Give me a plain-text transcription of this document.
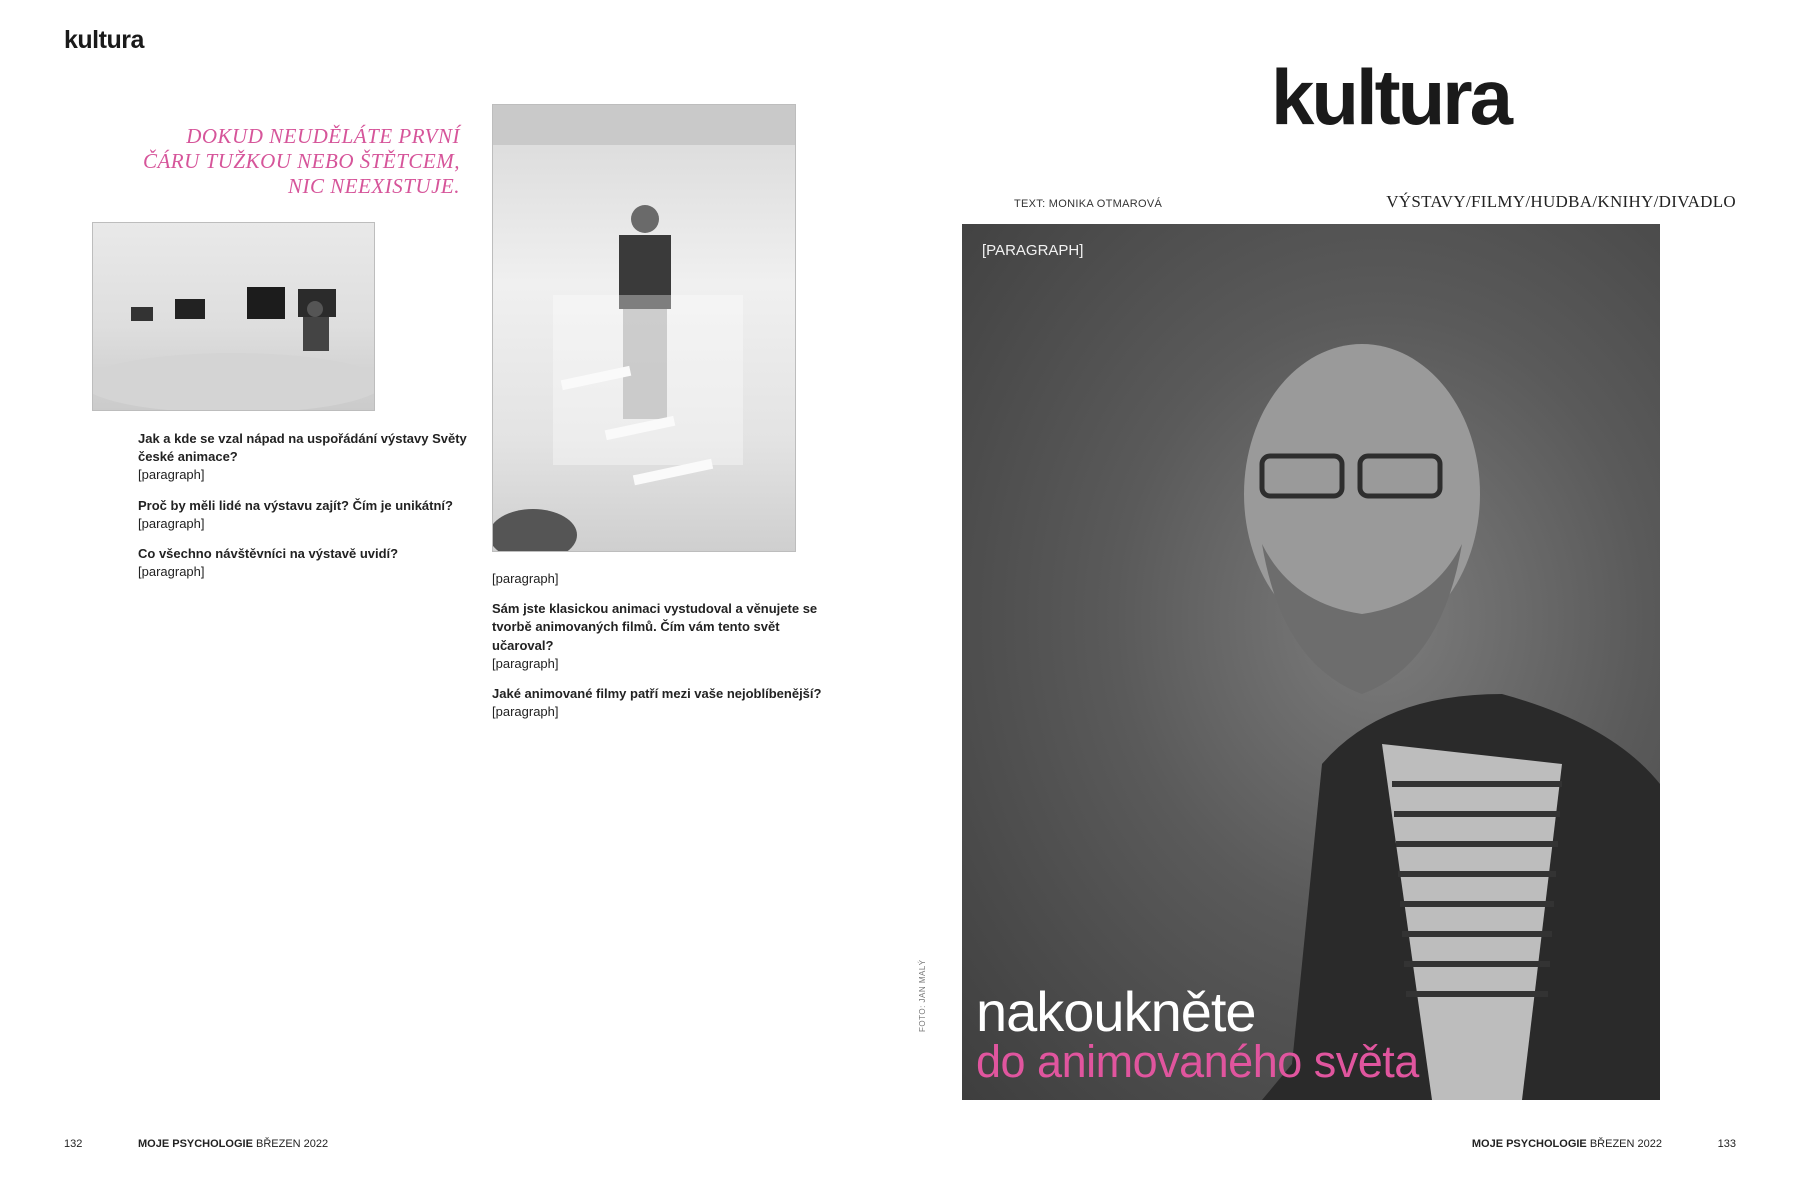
kultura
kultura
DOKUD NEUDĚLÁTE PRVNÍ ČÁRU TUŽKOU NEBO ŠTĚTCEM, NIC NEEXISTUJE.

Jak a kde se vzal nápad na uspořádání výstavy Světy české animace?
[paragraph]

Proč by měli lidé na výstavu zajít? Čím je unikátní?
[paragraph]

Co všechno návštěvníci na výstavě uvidí?
[paragraph]	[paragraph]

Sám jste klasickou animaci vystudoval a věnujete se tvorbě animovaných filmů. Čím vám tento svět učaroval?
[paragraph]

Jaké animované filmy patří mezi vaše nejoblíbenější?
[paragraph]

TEXT: MONIKA OTMAROVÁ	VÝSTAVY/FILMY/HUDBA/KNIHY/DIVADLO
[PARAGRAPH]
nakoukněte
do animovaného světa
FOTO: JAN MALÝ
132	MOJE PSYCHOLOGIE BŘEZEN 2022	MOJE PSYCHOLOGIE BŘEZEN 2022	133
